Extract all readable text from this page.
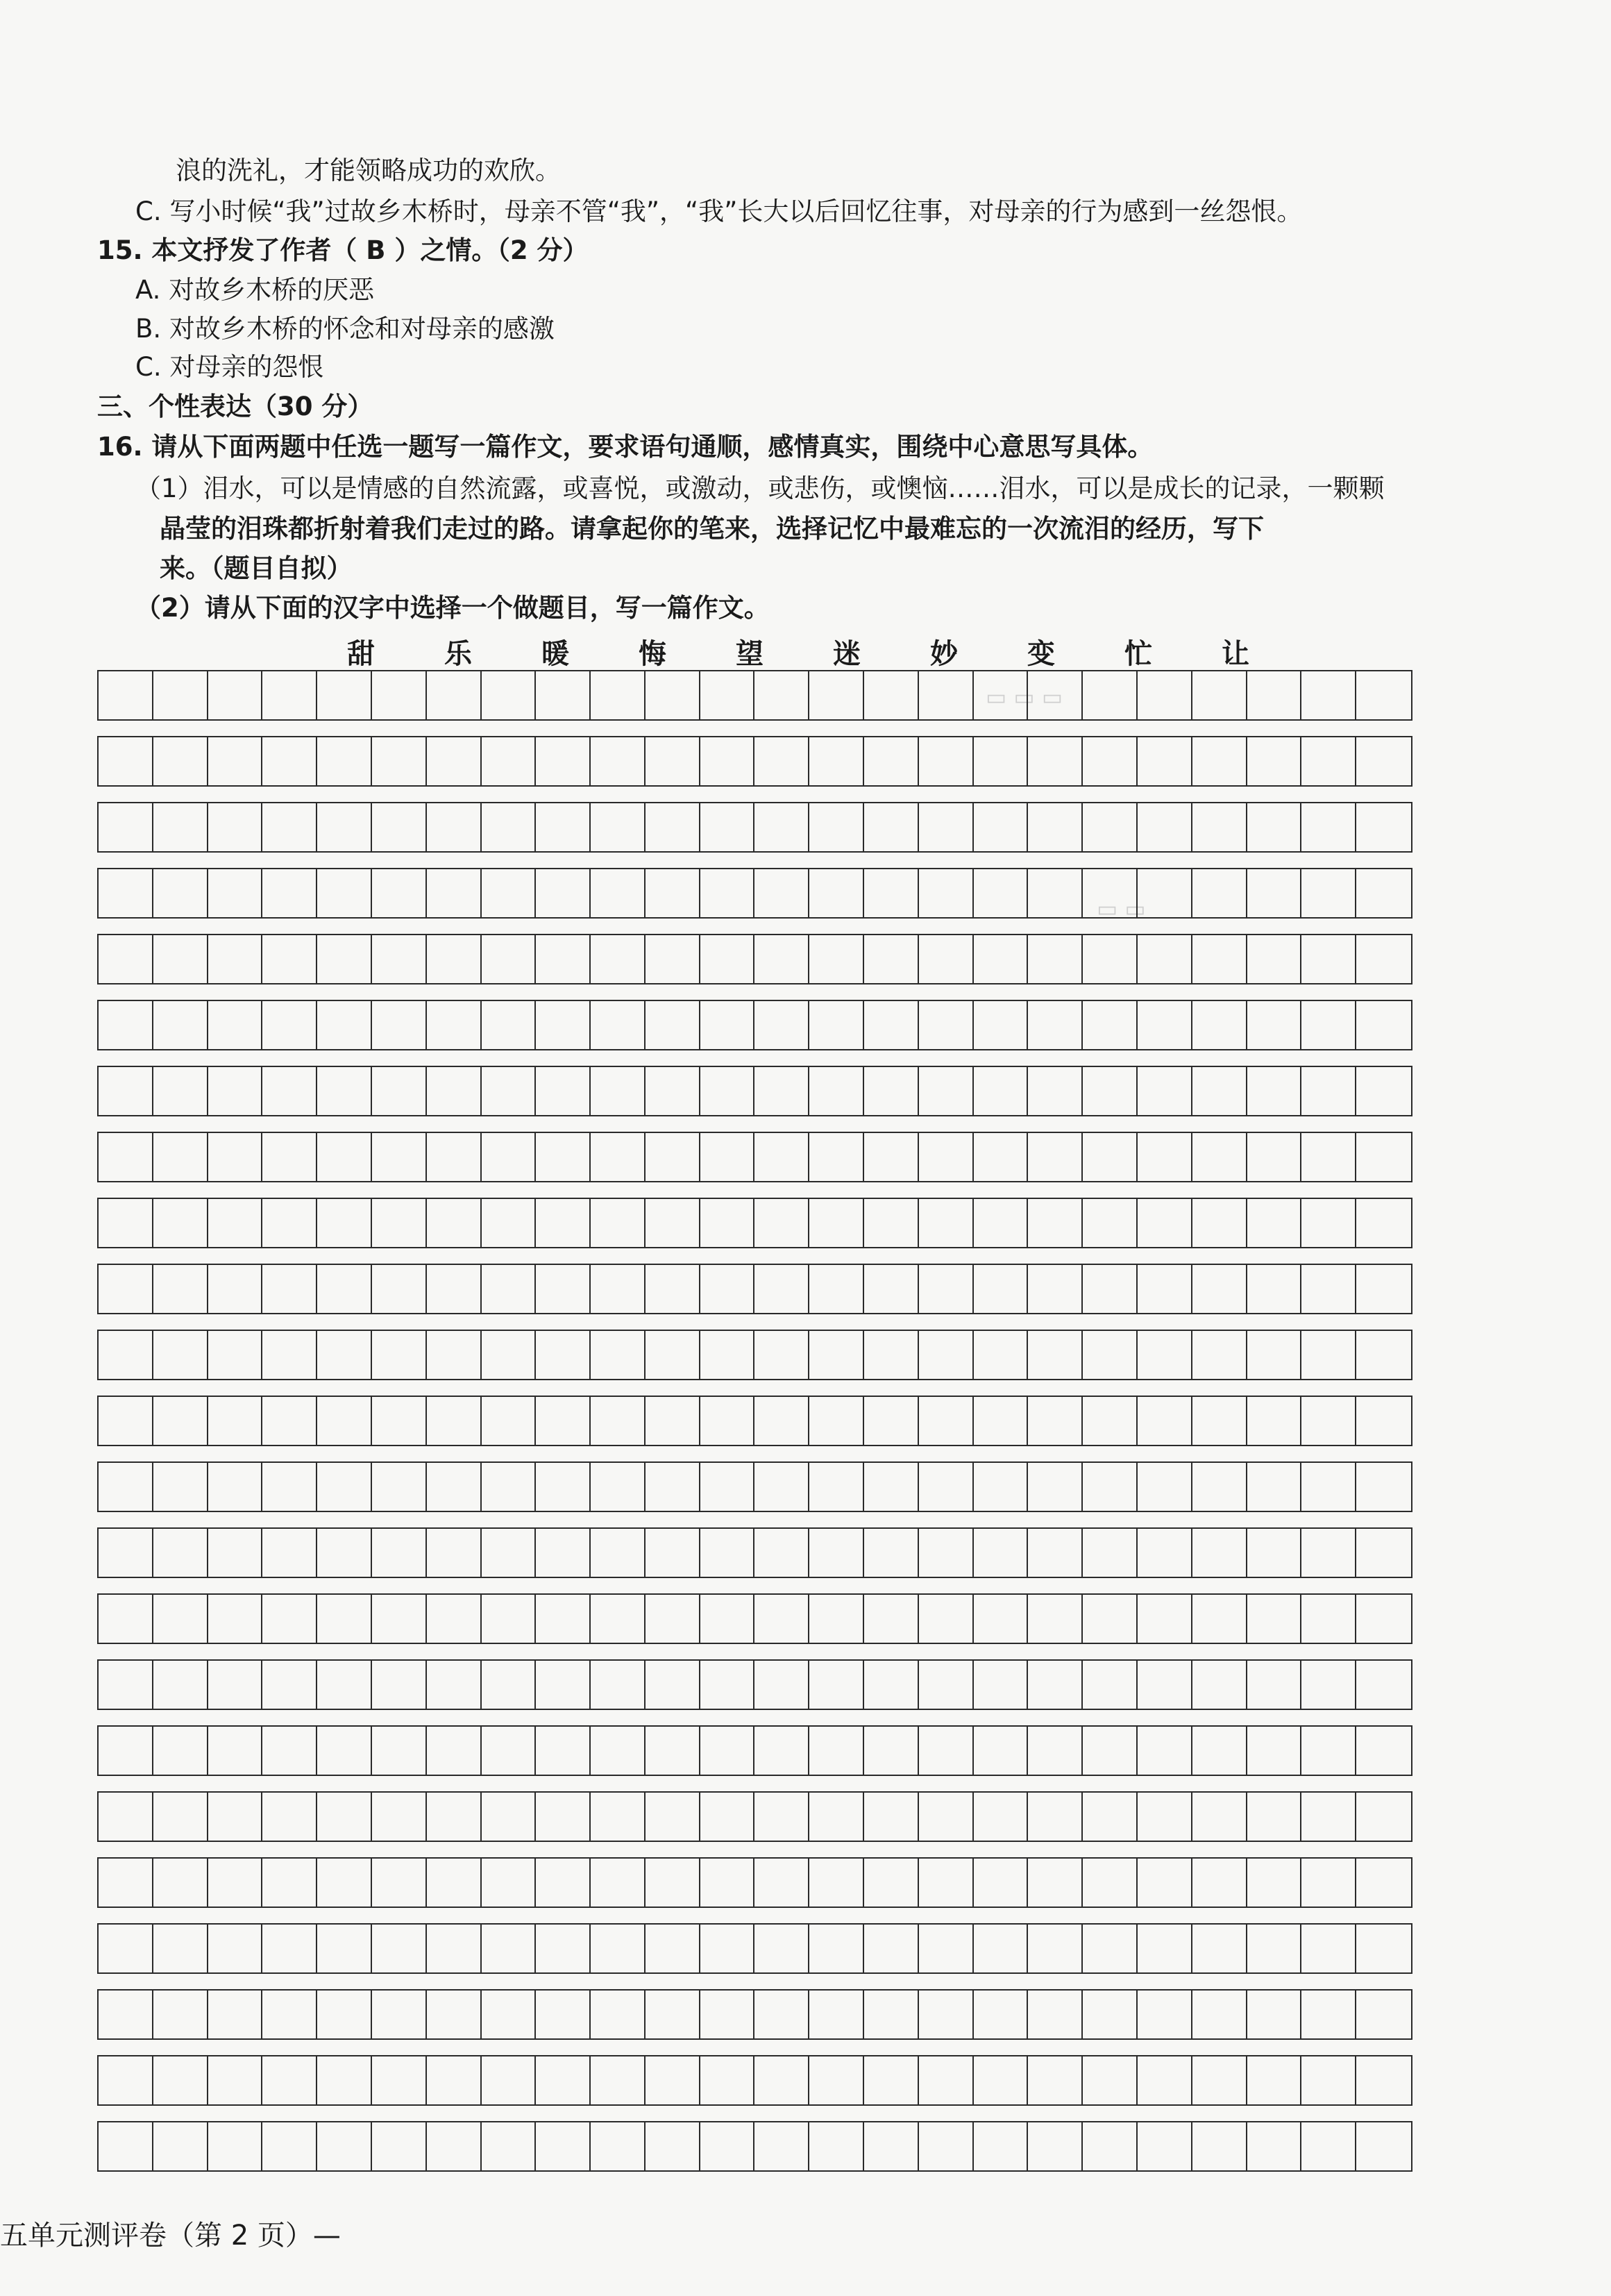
▭ ▭ ▭
▭ ▭
浪的洗礼，才能领略成功的欢欣。
C. 写小时候“我”过故乡木桥时，母亲不管“我”，“我”长大以后回忆往事，对母亲的行为感到一丝怨恨。
15. 本文抒发了作者（ B ）之情。（2 分）
A. 对故乡木桥的厌恶
B. 对故乡木桥的怀念和对母亲的感激
C. 对母亲的怨恨
三、个性表达（30 分）
16. 请从下面两题中任选一题写一篇作文，要求语句通顺，感情真实，围绕中心意思写具体。
（1）泪水，可以是情感的自然流露，或喜悦，或激动，或悲伤，或懊恼……泪水，可以是成长的记录，一颗颗
晶莹的泪珠都折射着我们走过的路。请拿起你的笔来，选择记忆中最难忘的一次流泪的经历，写下
来。（题目自拟）
（2）请从下面的汉字中选择一个做题目，写一篇作文。
甜	乐	暖	悔	望	迷	妙	变	忙	让
五单元测评卷（第 2 页）—
